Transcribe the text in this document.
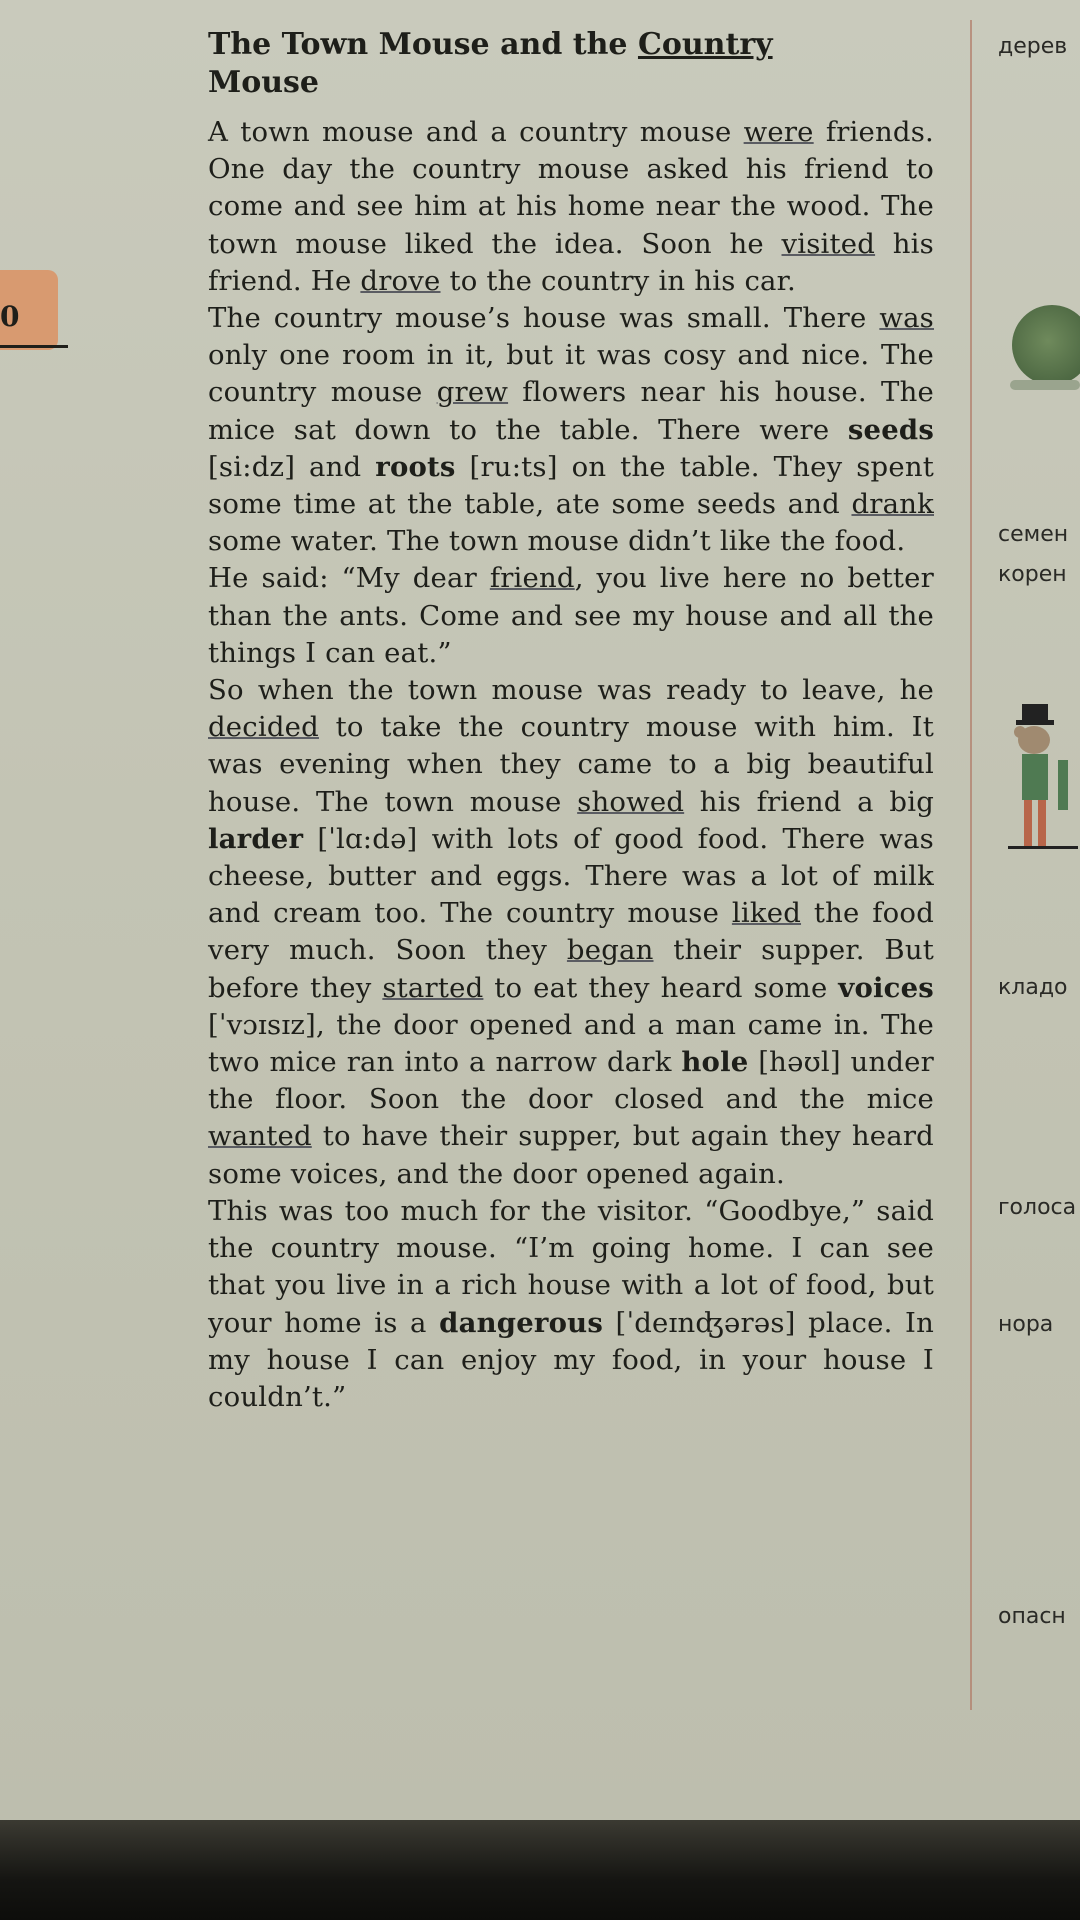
0
The Town Mouse and the Country
Mouse

A town mouse and a country mouse were friends. One day the country mouse asked his friend to come and see him at his home near the wood. The town mouse liked the idea. Soon he visited his friend. He drove to the country in his car.

The country mouse’s house was small. There was only one room in it, but it was cosy and nice. The country mouse grew flowers near his house. The mice sat down to the table. There were seeds [si:dz] and roots [ru:ts] on the table. They spent some time at the table, ate some seeds and drank some water. The town mouse didn’t like the food.

He said: “My dear friend, you live here no better than the ants. Come and see my house and all the things I can eat.”

So when the town mouse was ready to leave, he decided to take the country mouse with him. It was evening when they came to a big beautiful house. The town mouse showed his friend a big larder [ˈlɑ:də] with lots of good food. There was cheese, butter and eggs. There was a lot of milk and cream too. The country mouse liked the food very much. Soon they began their supper. But before they started to eat they heard some voices [ˈvɔɪsɪz], the door opened and a man came in. The two mice ran into a narrow dark hole [həʊl] under the floor. Soon the door closed and the mice wanted to have their supper, but again they heard some voices, and the door opened again.

This was too much for the visitor. “Goodbye,” said the country mouse. “I’m going home. I can see that you live in a rich house with a lot of food, but your home is a dangerous [ˈdeɪnʤərəs] place. In my house I can enjoy my food, in your house I couldn’t.”

дерев
семен
корен
кладо
голоса
нора
опасн
